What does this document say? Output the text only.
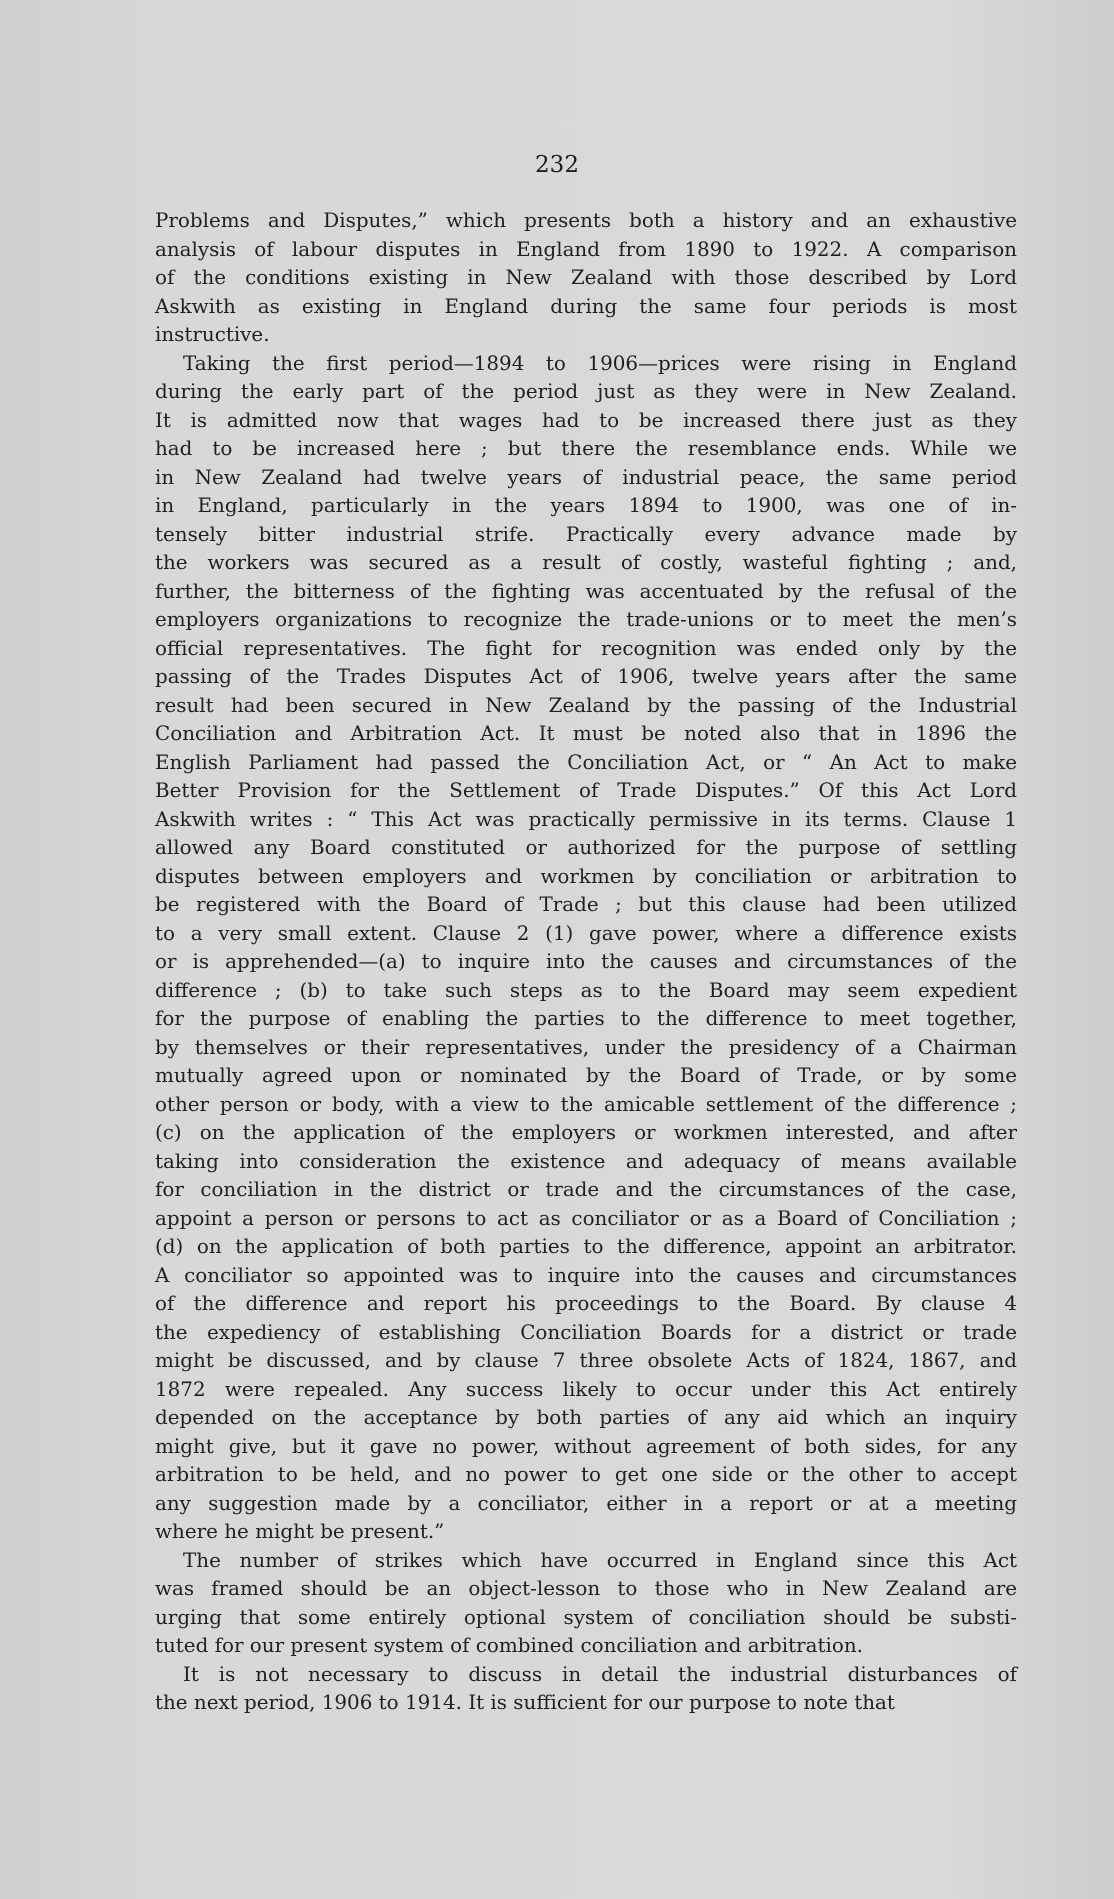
232
Problems and Disputes,” which presents both a history and an exhaustive
analysis of labour disputes in England from 1890 to 1922. A comparison
of the conditions existing in New Zealand with those described by Lord
Askwith as existing in England during the same four periods is most
instructive.
Taking the first period—1894 to 1906—prices were rising in England
during the early part of the period just as they were in New Zealand.
It is admitted now that wages had to be increased there just as they
had to be increased here ; but there the resemblance ends. While we
in New Zealand had twelve years of industrial peace, the same period
in England, particularly in the years 1894 to 1900, was one of in-
tensely bitter industrial strife. Practically every advance made by
the workers was secured as a result of costly, wasteful fighting ; and,
further, the bitterness of the fighting was accentuated by the refusal of the
employers organizations to recognize the trade-unions or to meet the men’s
official representatives. The fight for recognition was ended only by the
passing of the Trades Disputes Act of 1906, twelve years after the same
result had been secured in New Zealand by the passing of the Industrial
Conciliation and Arbitration Act. It must be noted also that in 1896 the
English Parliament had passed the Conciliation Act, or “ An Act to make
Better Provision for the Settlement of Trade Disputes.” Of this Act Lord
Askwith writes : “ This Act was practically permissive in its terms. Clause 1
allowed any Board constituted or authorized for the purpose of settling
disputes between employers and workmen by conciliation or arbitration to
be registered with the Board of Trade ; but this clause had been utilized
to a very small extent. Clause 2 (1) gave power, where a difference exists
or is apprehended—(a) to inquire into the causes and circumstances of the
difference ; (b) to take such steps as to the Board may seem expedient
for the purpose of enabling the parties to the difference to meet together,
by themselves or their representatives, under the presidency of a Chairman
mutually agreed upon or nominated by the Board of Trade, or by some
other person or body, with a view to the amicable settlement of the difference ;
(c) on the application of the employers or workmen interested, and after
taking into consideration the existence and adequacy of means available
for conciliation in the district or trade and the circumstances of the case,
appoint a person or persons to act as conciliator or as a Board of Conciliation ;
(d) on the application of both parties to the difference, appoint an arbitrator.
A conciliator so appointed was to inquire into the causes and circumstances
of the difference and report his proceedings to the Board. By clause 4
the expediency of establishing Conciliation Boards for a district or trade
might be discussed, and by clause 7 three obsolete Acts of 1824, 1867, and
1872 were repealed. Any success likely to occur under this Act entirely
depended on the acceptance by both parties of any aid which an inquiry
might give, but it gave no power, without agreement of both sides, for any
arbitration to be held, and no power to get one side or the other to accept
any suggestion made by a conciliator, either in a report or at a meeting
where he might be present.”
The number of strikes which have occurred in England since this Act
was framed should be an object-lesson to those who in New Zealand are
urging that some entirely optional system of conciliation should be substi-
tuted for our present system of combined conciliation and arbitration.
It is not necessary to discuss in detail the industrial disturbances of
the next period, 1906 to 1914. It is sufficient for our purpose to note that
